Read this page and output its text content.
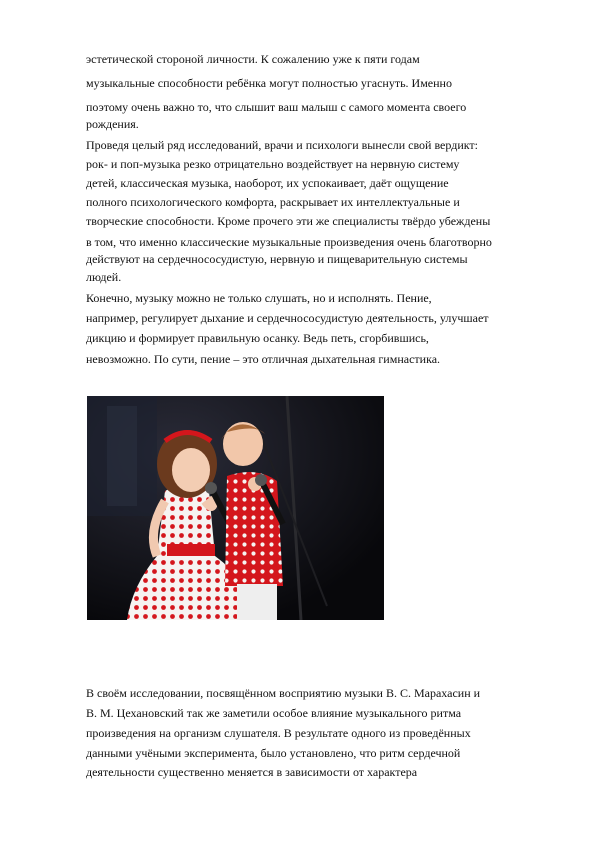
эстетической стороной личности. К сожалению уже к пяти годам
музыкальные способности ребёнка могут полностью угаснуть. Именно
поэтому очень важно то, что слышит ваш малыш с самого момента своего
рождения.
Проведя целый ряд исследований, врачи и психологи вынесли свой вердикт:
рок- и поп-музыка резко отрицательно воздействует на нервную систему
детей, классическая музыка, наоборот, их успокаивает, даёт ощущение
полного психологического комфорта, раскрывает их интеллектуальные и
творческие способности. Кроме прочего эти же специалисты твёрдо убеждены
в том, что именно классические музыкальные произведения очень благотворно
действуют на сердечнососудистую, нервную и пищеварительную системы
людей.
Конечно, музыку можно не только слушать, но и исполнять. Пение,
например, регулирует дыхание и сердечнососудистую деятельность, улучшает
дикцию и формирует правильную осанку. Ведь петь, сгорбившись,
невозможно. По сути, пение – это отличная дыхательная гимнастика.
В своём исследовании, посвящённом восприятию музыки В. С. Марахасин и
В. М. Цехановский так же заметили особое влияние музыкального ритма
произведения на организм слушателя. В результате одного из проведённых
данными учёными эксперимента, было установлено, что ритм сердечной
деятельности существенно меняется в зависимости от характера
